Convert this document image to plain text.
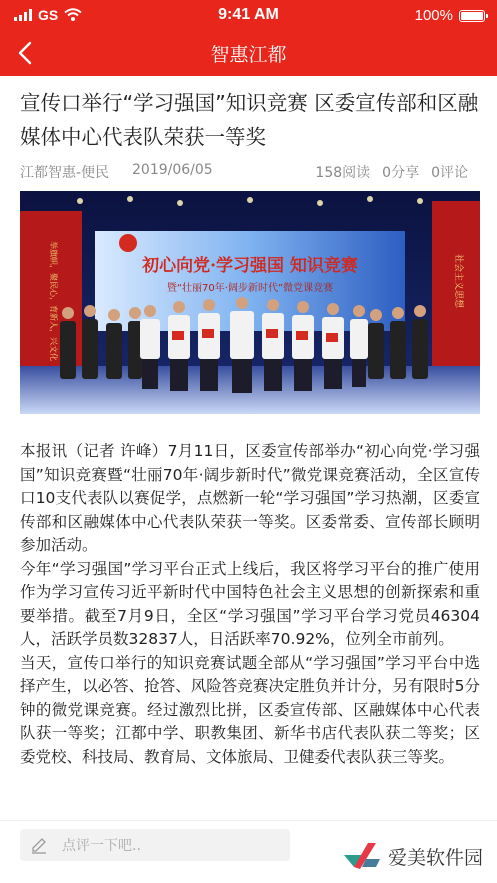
GS	9:41 AM	100%
智惠江都
宣传口举行“学习强国”知识竞赛 区委宣传部和区融媒体中心代表队荣获一等奖
江都智惠-便民 2019/06/05	158阅读 0分享 0评论
初心向党·学习强国 知识竞赛
暨“壮丽70年·阔步新时代”微党课竞赛
举旗帜，聚民心，育新人，兴文化	社会主义思想

本报讯（记者 许峰）7月11日，区委宣传部举办“初心向党·学习强国”知识竞赛暨“壮丽70年·阔步新时代”微党课竞赛活动，全区宣传口10支代表队以赛促学，点燃新一轮“学习强国”学习热潮，区委宣传部和区融媒体中心代表队荣获一等奖。区委常委、宣传部长顾明参加活动。

今年“学习强国”学习平台正式上线后，我区将学习平台的推广使用作为学习宣传习近平新时代中国特色社会主义思想的创新探索和重要举措。截至7月9日，全区“学习强国”学习平台学习党员46304人，活跃学员数32837人，日活跃率70.92%，位列全市前列。

当天，宣传口举行的知识竞赛试题全部从“学习强国”学习平台中选择产生，以必答、抢答、风险答竞赛决定胜负并计分，另有限时5分钟的微党课竞赛。经过激烈比拼，区委宣传部、区融媒体中心代表队获一等奖；江都中学、职教集团、新华书店代表队获二等奖；区委党校、科技局、教育局、文体旅局、卫健委代表队获三等奖。

点评一下吧..
爱美软件园
